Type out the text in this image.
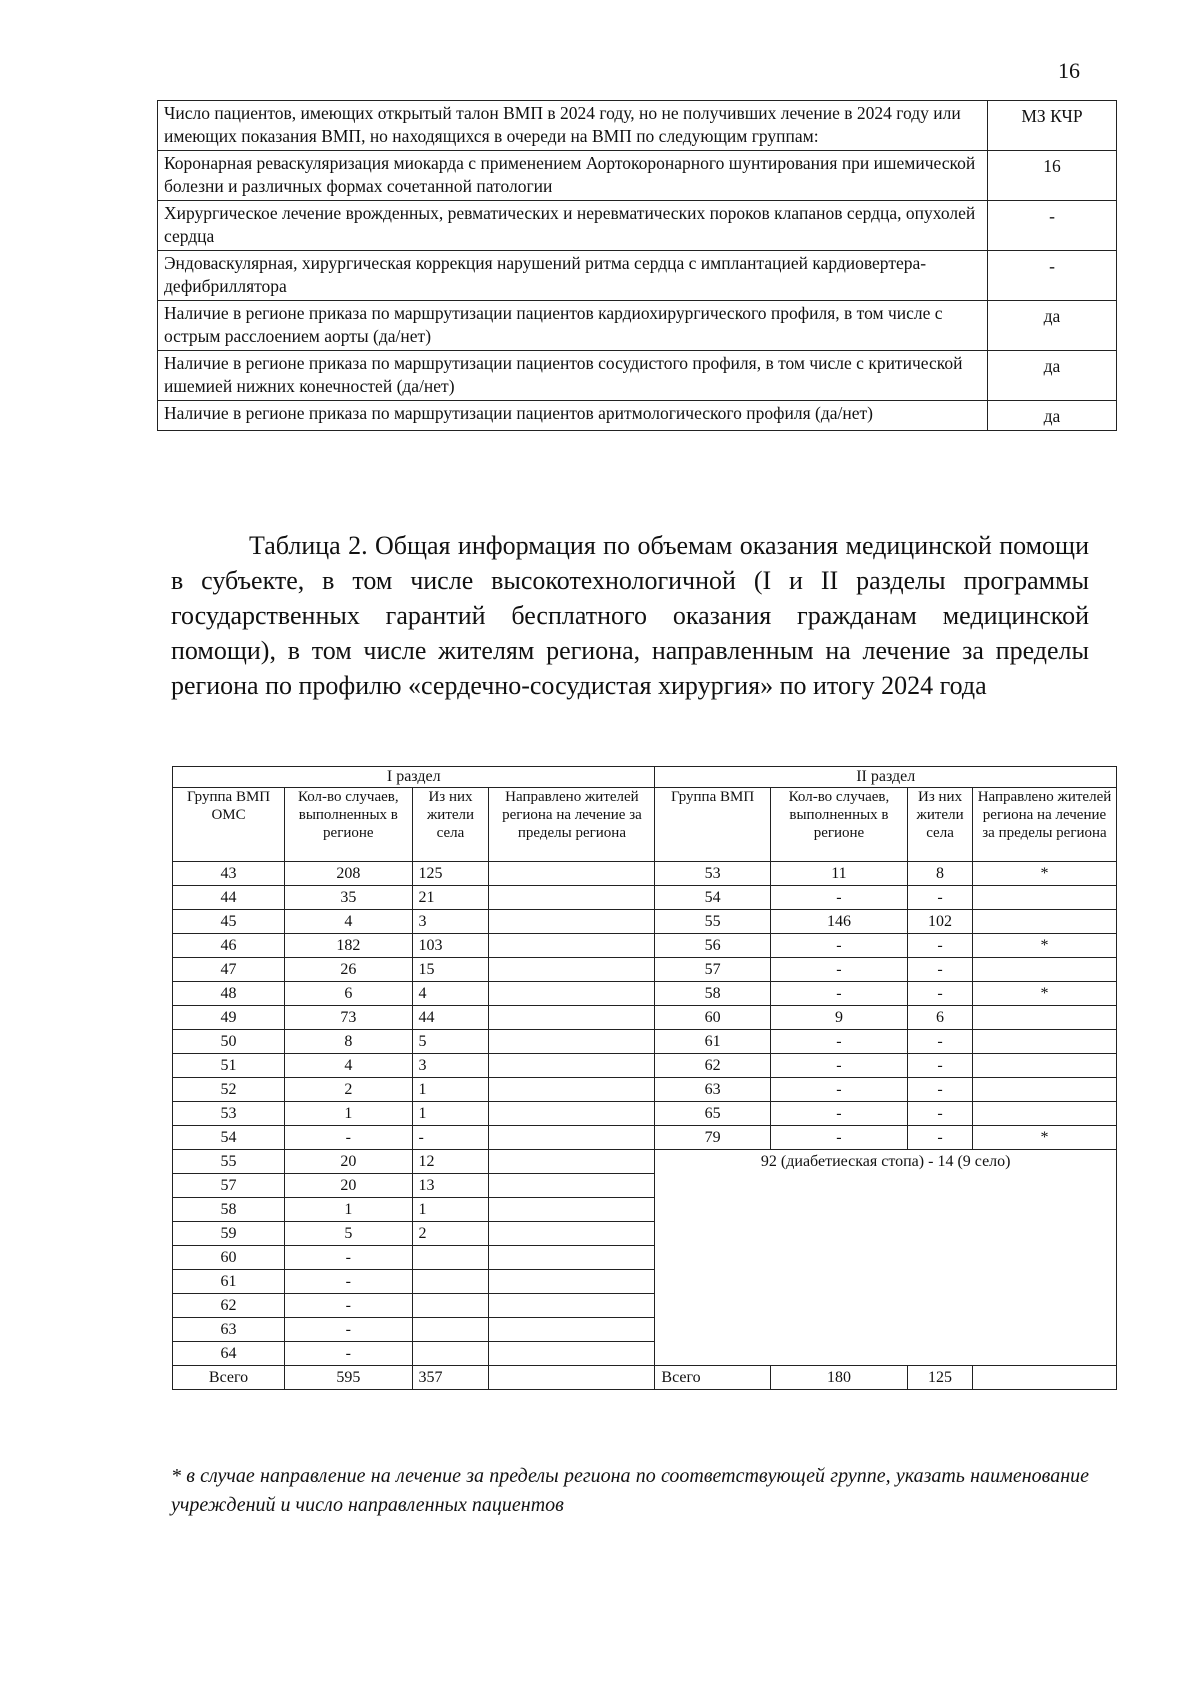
16
Число пациентов, имеющих открытый талон ВМП в 2024 году, но не получивших лечение в 2024 году или имеющих показания ВМП, но находящихся в очереди на ВМП по следующим группам:	МЗ КЧР
Коронарная реваскуляризация миокарда с применением Аортокоронарного шунтирования при ишемической болезни и различных формах сочетанной патологии	16
Хирургическое лечение врожденных, ревматических и неревматических пороков клапанов сердца, опухолей сердца	-
Эндоваскулярная, хирургическая коррекция нарушений ритма сердца с имплантацией кардиовертера-дефибриллятора	-
Наличие в регионе приказа по маршрутизации пациентов кардиохирургического профиля, в том числе с острым расслоением аорты (да/нет)	да
Наличие в регионе приказа по маршрутизации пациентов сосудистого профиля, в том числе с критической ишемией нижних конечностей (да/нет)	да
Наличие в регионе приказа по маршрутизации пациентов аритмологического профиля (да/нет)	да
Таблица 2. Общая информация по объемам оказания медицинской помощи в субъекте, в том числе высокотехнологичной (I и II разделы программы государственных гарантий бесплатного оказания гражданам медицинской помощи), в том числе жителям региона, направленным на лечение за пределы региона по профилю «сердечно-сосудистая хирургия» по итогу 2024 года
I раздел				II раздел			
Группа ВМП ОМС	Кол-во случаев, выполненных в регионе	Из них жители села	Направлено жителей региона на лечение за пределы региона	Группа ВМП	Кол-во случаев, выполненных в регионе	Из них жители села	Направлено жителей региона на лечение за пределы региона
43	208	125		53	11	8	*
44	35	21		54	-	-	
45	4	3		55	146	102	
46	182	103		56	-	-	*
47	26	15		57	-	-	
48	6	4		58	-	-	*
49	73	44		60	9	6	
50	8	5		61	-	-	
51	4	3		62	-	-	
52	2	1		63	-	-	
53	1	1		65	-	-	
54	-	-		79	-	-	*
55	20	12		92 (диабетиеская стопа) - 14 (9 село)			
57	20	13					
58	1	1					
59	5	2					
60	-						
61	-						
62	-						
63	-						
64	-						
Всего	595	357		Всего	180	125	
* в случае направление на лечение за пределы региона по соответствующей группе, указать наименование учреждений и число направленных пациентов
